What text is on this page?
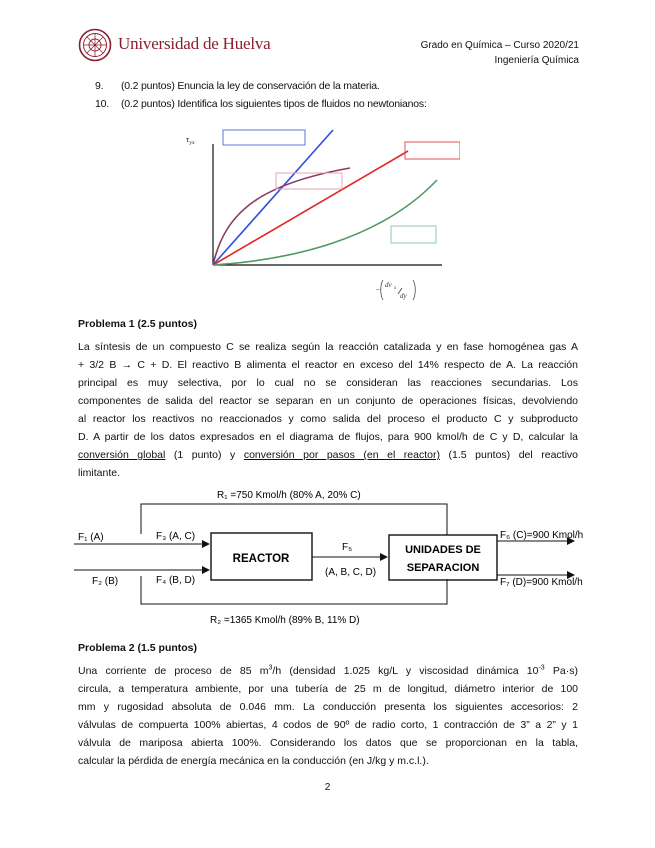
Universidad de Huelva	Grado en Química – Curso 2020/21
Ingeniería Química
9. (0.2 puntos) Enuncia la ley de conservación de la materia.
10. (0.2 puntos) Identifica los siguientes tipos de fluidos no newtonianos:
$\tau_{yx}$
− dv x
dy
Problema 1 (2.5 puntos)
La síntesis de un compuesto C se realiza según la reacción catalizada y en fase homogénea gas A
+ 3/2 B → C + D. El reactivo B alimenta el reactor en exceso del 14% respecto de A. La reacción
principal es muy selectiva, por lo cual no se consideran las reacciones secundarias. Los
componentes de salida del reactor se separan en un conjunto de operaciones físicas, devolviendo
al reactor los reactivos no reaccionados y como salida del proceso el producto C y subproducto
D. A partir de los datos expresados en el diagrama de flujos, para 900 kmol/h de C y D, calcular la
conversión global (1 punto) y conversión por pasos (en el reactor) (1.5 puntos) del reactivo
limitante.
R₁ =750 Kmol/h (80% A, 20% C)
R₂ =1365 Kmol/h (89% B, 11% D)
F₁ (A)
F₂ (B)
F₃ (A, C)
F₄ (B, D)
F₅
(A, B, C, D)
REACTOR
UNIDADES DE
SEPARACION
F₆ (C)=900 Kmol/h
F₇ (D)=900 Kmol/h
Problema 2 (1.5 puntos)
Una corriente de proceso de 85 $m^3/h$ (densidad 1.025 kg/L y viscosidad dinámica $10^{-3}$ Pa·s)
circula, a temperatura ambiente, por una tubería de 25 m de longitud, diámetro interior de 100
mm y rugosidad absoluta de 0.046 mm. La conducción presenta los siguientes accesorios: 2
válvulas de compuerta 100% abiertas, 4 codos de 90º de radio corto, 1 contracción de 3” a 2” y 1
válvula de mariposa abierta 100%. Considerando los datos que se proporcionan en la tabla,
calcular la pérdida de energía mecánica en la conducción (en J/kg y m.c.l.).
2
